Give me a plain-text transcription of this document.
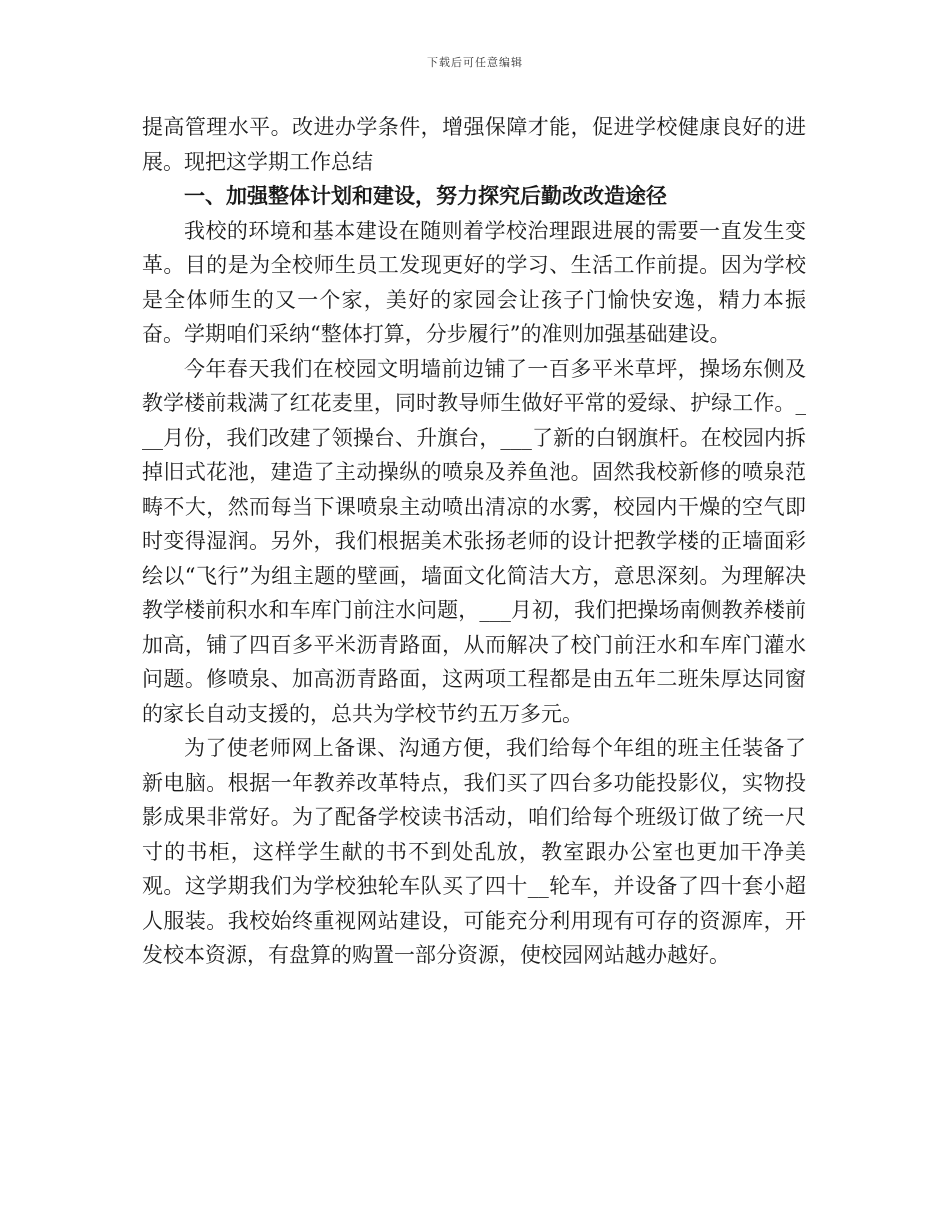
下载后可任意编辑

提高管理水平。改进办学条件，增强保障才能，促进学校健康良好的进展。现把这学期工作总结

一、加强整体计划和建设，努力探究后勤改改造途径

我校的环境和基本建设在随则着学校治理跟进展的需要一直发生变革。目的是为全校师生员工发现更好的学习、生活工作前提。因为学校是全体师生的又一个家，美好的家园会让孩子门愉快安逸，精力本振奋。学期咱们采纳“整体打算，分步履行”的准则加强基础建设。

今年春天我们在校园文明墙前边铺了一百多平米草坪，操场东侧及教学楼前栽满了红花麦里，同时教导师生做好平常的爱绿、护绿工作。___月份，我们改建了领操台、升旗台，___了新的白钢旗杆。在校园内拆掉旧式花池，建造了主动操纵的喷泉及养鱼池。固然我校新修的喷泉范畴不大，然而每当下课喷泉主动喷出清凉的水雾，校园内干燥的空气即时变得湿润。另外，我们根据美术张扬老师的设计把教学楼的正墙面彩绘以“飞行”为组主题的壁画，墙面文化简洁大方，意思深刻。为理解决教学楼前积水和车库门前注水问题，___月初，我们把操场南侧教养楼前加高，铺了四百多平米沥青路面，从而解决了校门前汪水和车库门灌水问题。修喷泉、加高沥青路面，这两项工程都是由五年二班朱厚达同窗的家长自动支援的，总共为学校节约五万多元。

为了使老师网上备课、沟通方便，我们给每个年组的班主任装备了新电脑。根据一年教养改革特点，我们买了四台多功能投影仪，实物投影成果非常好。为了配备学校读书活动，咱们给每个班级订做了统一尺寸的书柜，这样学生献的书不到处乱放，教室跟办公室也更加干净美观。这学期我们为学校独轮车队买了四十__轮车，并设备了四十套小超人服装。我校始终重视网站建设，可能充分利用现有可存的资源库，开发校本资源，有盘算的购置一部分资源，使校园网站越办越好。
